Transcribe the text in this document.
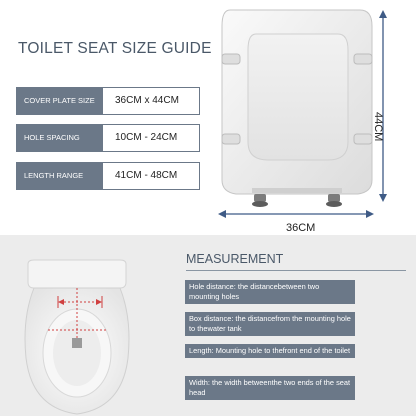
TOILET SEAT SIZE GUIDE
COVER PLATE SIZE	36CM x 44CM
HOLE SPACING	10CM - 24CM
LENGTH RANGE	41CM - 48CM
44CM
36CM
MEASUREMENT
Hole distance: the distancebetween two mounting holes
Box distance: the distancefrom the mounting hole to thewater tank
Length: Mounting hole to thefront end of the toilet
Width: the width betweenthe two ends of the seat head
